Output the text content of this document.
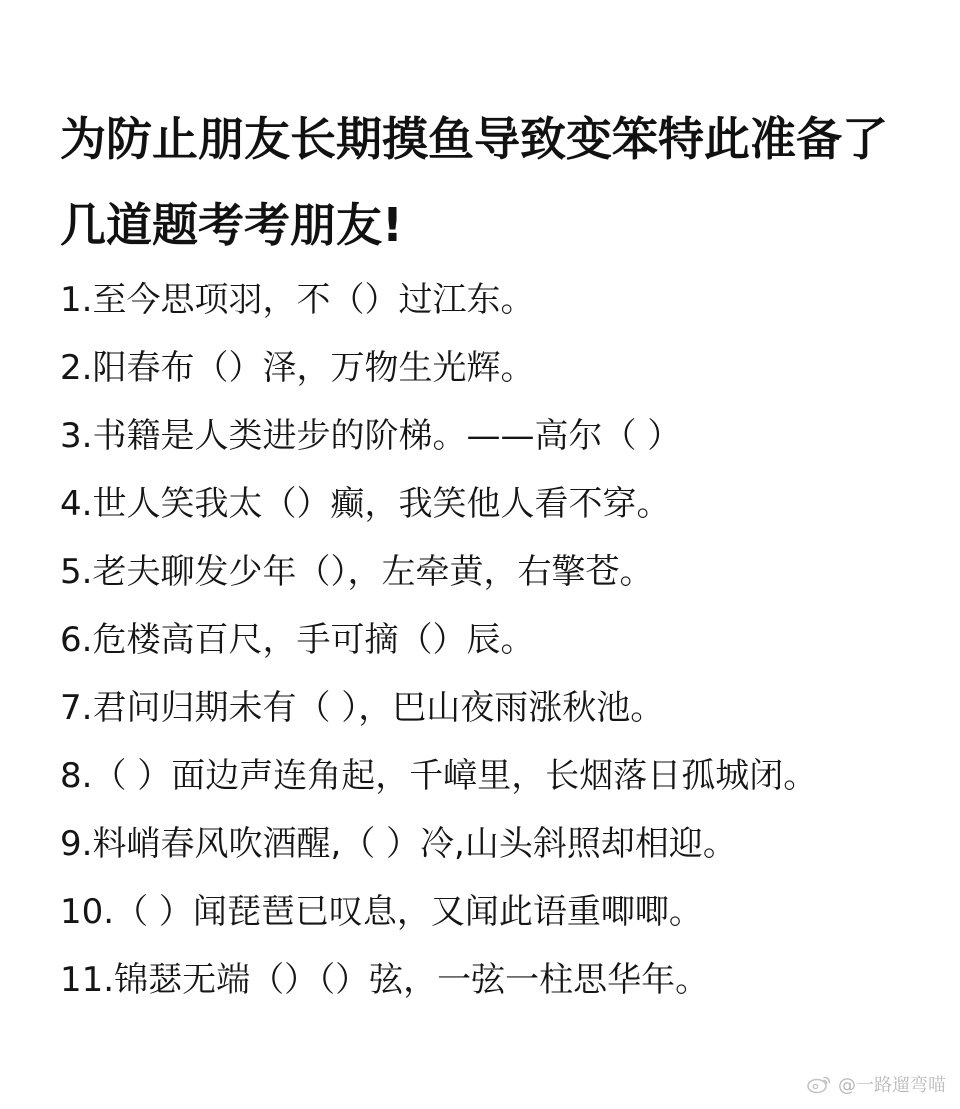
为防止朋友长期摸鱼导致变笨特此准备了
几道题考考朋友!
1.至今思项羽，不（）过江东。
2.阳春布（）泽，万物生光辉。
3.书籍是人类进步的阶梯。——高尔（ ）
4.世人笑我太（）癫，我笑他人看不穿。
5.老夫聊发少年（），左牵黄，右擎苍。
6.危楼高百尺，手可摘（）辰。
7.君问归期未有（ ），巴山夜雨涨秋池。
8.（ ）面边声连角起，千嶂里，长烟落日孤城闭。
9.料峭春风吹酒醒,（ ）冷,山头斜照却相迎。
10.（ ）闻琵琶已叹息，又闻此语重唧唧。
11.锦瑟无端（）（）弦，一弦一柱思华年。
@一路遛弯喵
